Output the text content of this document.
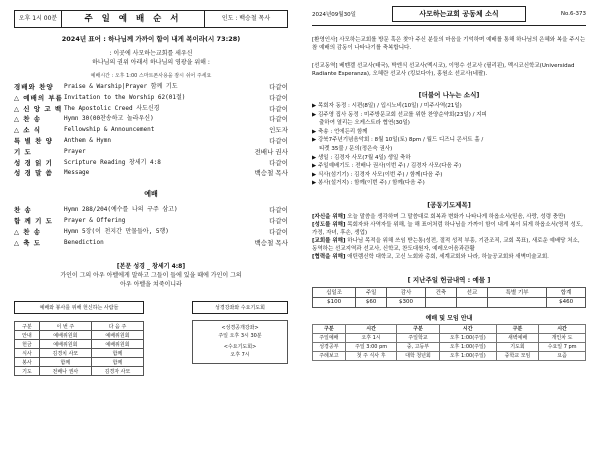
오후 1시 00분	주 일 예 배 순 서	인도 : 백승철 목사
2024년 표어 : 하나님께 가까이 함이 내게 복이라(시 73:28)
: 이곳에 사모하는교회를 세우신
하나님의 권위 아래서 하나님의 영광을 위해 :
예배시간 : 오후 1:00 스마트폰사용을 잠시 쉬어 주세요
경배와 찬양	Praise & Warship|Prayer 함께 기도	다같이
△ 예배의 부름 Invitation to the Worship 62(01절)	다같이
△ 신 앙 고 백 The Apostolic Creed 사도신경	다같이
△ 찬 송	Hymn 30(00찬송하고 놀라우신)	다같이
△ 소 식	Fellowship & Announcement	인도자
특 별 찬 양	Anthem & Hymn	다같이
기 도	Prayer	전배나 권사
성 경 읽 기	Scripture Reading 창세기 4:8	다같이
성 경 말 씀	Message	백승철 목사
예배
찬 송	Hymn 288/204(예수를 나의 구주 삼고)	다같이
함 께 기 도	Prayer & Offering	다같이
△ 찬 송	Hymn 5장(이 천지간 만물들아, 5행)	다같이
△ 축 도	Benediction	백승철 목사
[본문 성경 _ 창세기 4:8]
가인이 그의 아우 아벨에게 말하고 그들이 들에 있을 때에 가인이 그의
아우 아벨을 쳐죽이니라
예배와 봉사를 위해 헌신하는 사람들
구분	이 번 주	다 음 주
안내	예배위원회	예배위원회
헌금	예배위원회	예배위원회
식사	김경치 사모	함께
봉사	함께	함께
기도	전배나 권사	김경자 사모
성경강좌와 수요기도회
<성경공개강좌>
주일 오후 3시 30분
<수요기도회>
오후 7시
2024년09월30일	사모하는교회 공동체 소식	No.6-373
[환영인사] 사모하는교회를 방문 혹은 찾아 주신 분들의 마음을 기억하며 예배를 통해 하나님의 은혜와 복을 주시는 참 예배의 감동이 나타나기를 축복합니다.
[선교동역] 베뗀겔 선교사(태국), 박엔식 선교사(멕시코), 이명수 선교사 (필리핀), 멕시코신학교(Universidad Radiante Esperanza), 오혜란 선교사 (킹보다아), 홍원소 선교사(네팔).
[더불어 나누는 소식]
▶ 목회자 동정 : 시편(8일) / 입시노비(10일) / 미주사역(21일)
▶ 김주영 집사 동정 : 미주방문교회 선교를 위한 찬양순약회(23일) / 지피
출하여 열리는 오케스트라 협연(30일)
▶ 축송 : 언에든리 함께
▶ 강북7주년기념음악회 : 8월 10일(토) 8pm / 월드 디즈니 콘서트 홀 /
티켓 35불 / 문의(정은숙 권사)
▶ 생일 : 김경자 사모(7월 4일) 생일 축하
▶ 주일예배기도 : 전배나 권사(이번 주) / 김경자 사모(다음 주)
▶ 식사(섬기기) : 김경자 사모(이번 주) / 함께(다음 주)
▶ 봉사(설거지) : 함께(이번 주) / 함께(다음 주)
[공동기도제목]
[자신을 위해] 오늘 말씀을 생각하며 그 말씀대로 회복과 변화가 나타나게 하옵소서(믿음, 사랑, 성령 충만)
[성도를 위해] 목회자와 사역자들 위해, 늘 해 표어처럼 하나님을 가까이 함이 내게 복이 되게 하옵소서(영적 성도, 가정, 자녀, 후손, 생업)
[교회를 위해] 하나님 목적을 위해 쓰임 받는통(성전, 절적 성적 부흥, 기관조직, 교회 목표), 새로운 예배당 처소, 동역하는 선교지역과 선교사, 신학교, 찬도대원자, 예레오어음과관활
[협력을 위해] 애틴렘신학 대학교, 고신 노회와 총회, 세계교회와 나라, 하늘공교회와 새벽미술교회.
[ 지난주일 헌금내역 : 예물 ]
십일조	주일	감사	건축	선교	특별 기부	합계
$100	$60	$300				$460
예배 및 모임 안내
구분	시간	구분	시간	구분	시간
주일예배	오후 1시	주일학교	오후 1:00(주일)	새벽예배	개인차 도
성경공부	주일 3:00 pm	중, 고등부	오후 1:00(주일)	기도회	수요일 7 pm
주례보고	첫 주 식사 후	대학 청년회	오후 1:00(주일)	중학교 모임	요즘
